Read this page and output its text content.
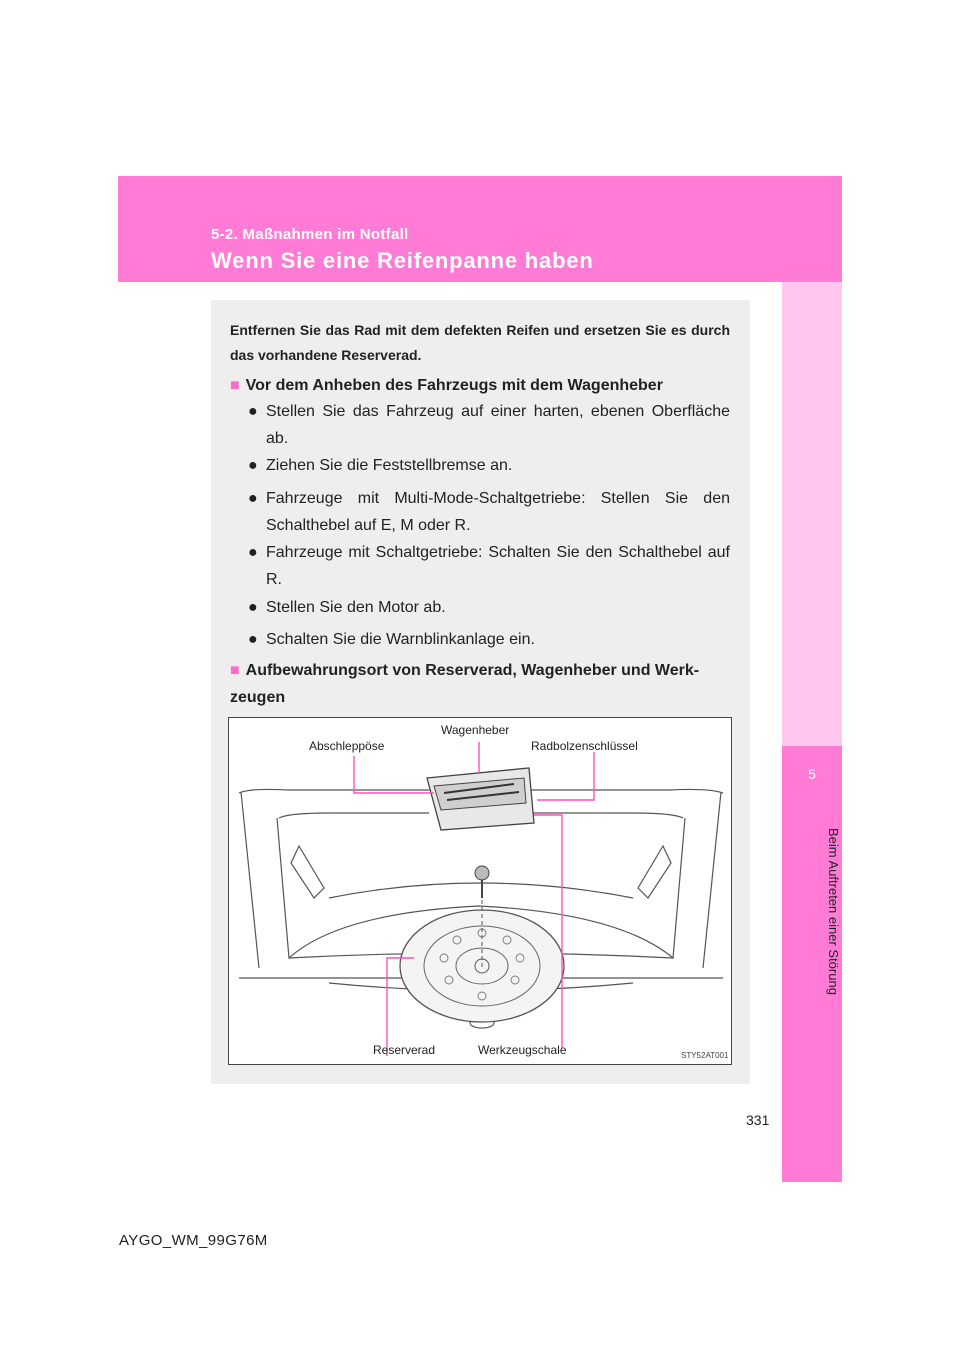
5-2. Maßnahmen im Notfall
Wenn Sie eine Reifenpanne haben
5
Beim Auftreten einer Störung
Entfernen Sie das Rad mit dem defekten Reifen und ersetzen Sie es durch das vorhandene Reserverad.
■ Vor dem Anheben des Fahrzeugs mit dem Wagenheber
● Stellen Sie das Fahrzeug auf einer harten, ebenen Oberfläche ab.
● Ziehen Sie die Feststellbremse an.
● Fahrzeuge mit Multi-Mode-Schaltgetriebe: Stellen Sie den Schalthebel auf E, M oder R.
● Fahrzeuge mit Schaltgetriebe: Schalten Sie den Schalthebel auf R.
● Stellen Sie den Motor ab.
● Schalten Sie die Warnblinkanlage ein.
■ Aufbewahrungsort von Reserverad, Wagenheber und Werk-zeugen
Wagenheber
Abschleppöse	Radbolzenschlüssel
Reserverad	Werkzeugschale	STY52AT001
331
AYGO_WM_99G76M
